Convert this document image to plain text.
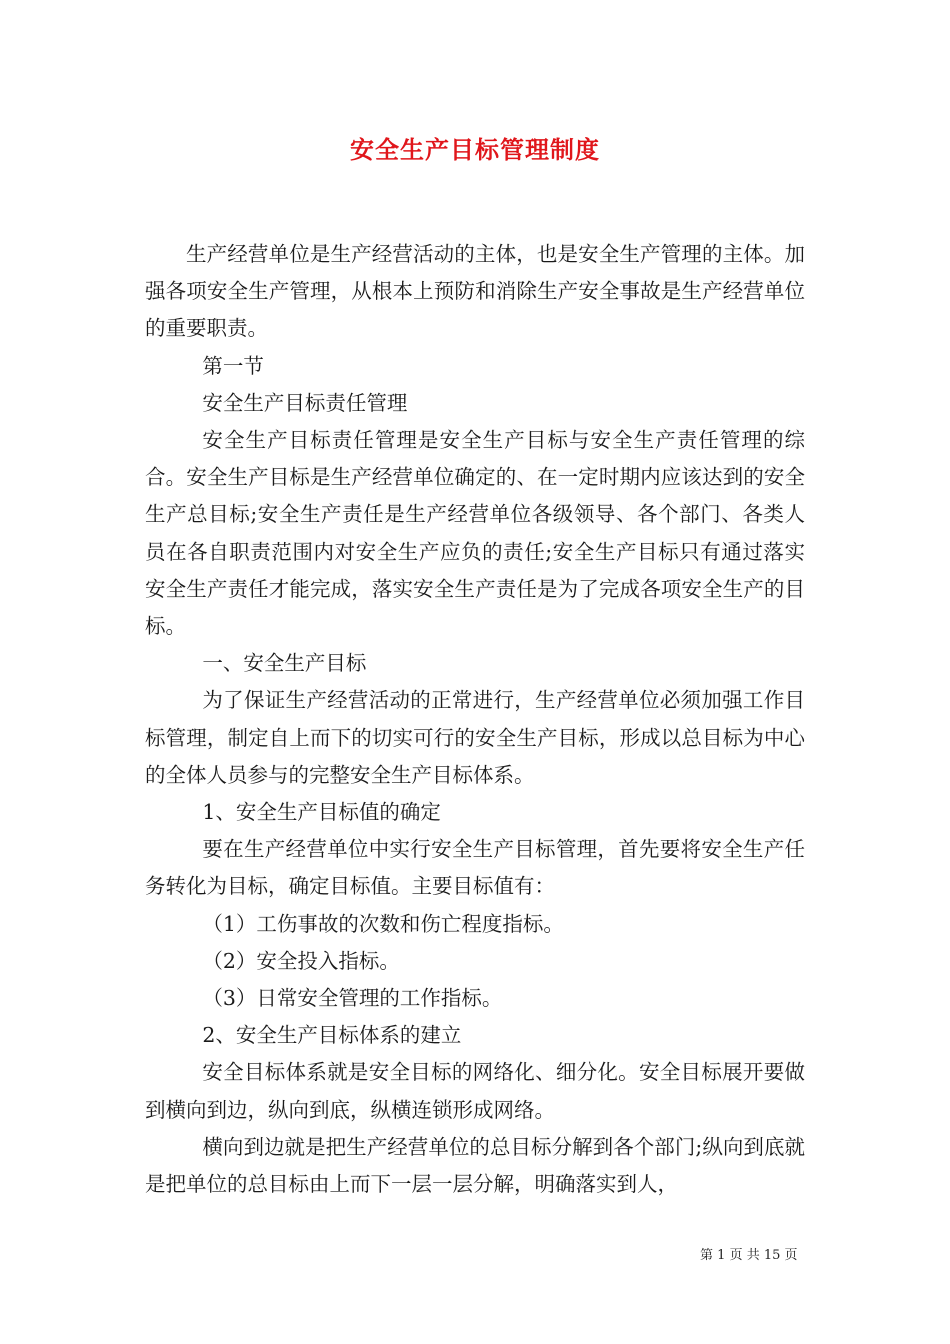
安全生产目标管理制度

生产经营单位是生产经营活动的主体，也是安全生产管理的主体。加强各项安全生产管理，从根本上预防和消除生产安全事故是生产经营单位的重要职责。

第一节

安全生产目标责任管理

安全生产目标责任管理是安全生产目标与安全生产责任管理的综合。安全生产目标是生产经营单位确定的、在一定时期内应该达到的安全生产总目标;安全生产责任是生产经营单位各级领导、各个部门、各类人员在各自职责范围内对安全生产应负的责任;安全生产目标只有通过落实安全生产责任才能完成，落实安全生产责任是为了完成各项安全生产的目标。

一、安全生产目标

为了保证生产经营活动的正常进行，生产经营单位必须加强工作目标管理，制定自上而下的切实可行的安全生产目标，形成以总目标为中心的全体人员参与的完整安全生产目标体系。

1、安全生产目标值的确定

要在生产经营单位中实行安全生产目标管理，首先要将安全生产任务转化为目标，确定目标值。主要目标值有：

（1）工伤事故的次数和伤亡程度指标。

（2）安全投入指标。

（3）日常安全管理的工作指标。

2、安全生产目标体系的建立

安全目标体系就是安全目标的网络化、细分化。安全目标展开要做到横向到边，纵向到底，纵横连锁形成网络。

横向到边就是把生产经营单位的总目标分解到各个部门;纵向到底就是把单位的总目标由上而下一层一层分解，明确落实到人，

第 1 页 共 15 页
